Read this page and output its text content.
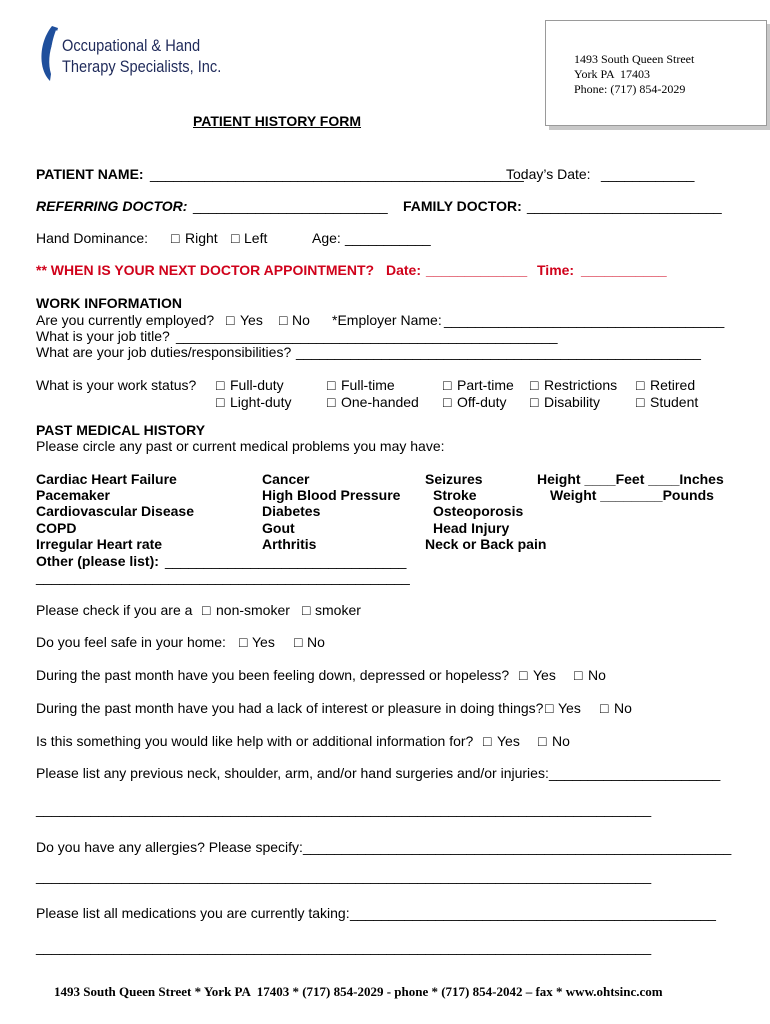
Occupational & Hand
Therapy Specialists, Inc.	1493 South Queen Street
York PA  17403
Phone: (717) 854-2029
PATIENT HISTORY FORM
PATIENT NAME: ________________________________________________
Today’s Date: ____________
REFERRING DOCTOR: _________________________ FAMILY DOCTOR: _________________________
Hand Dominance: □ Right □ Left	Age: ___________
** WHEN IS YOUR NEXT DOCTOR APPOINTMENT? Date: _____________ Time: ___________
WORK INFORMATION
Are you currently employed? □ Yes □ No *Employer Name: ____________________________________
What is your job title? _________________________________________________
What are your job duties/responsibilities? ____________________________________________________
What is your work status? □ Full-duty
□ Light-duty
□ Full-time
□ One-handed
□ Part-time
□ Off-duty
□ Restrictions
□ Disability
□ Retired
□ Student
PAST MEDICAL HISTORY
Please circle any past or current medical problems you may have:
Cardiac Heart Failure
Pacemaker
Cardiovascular Disease
COPD
Irregular Heart rate
Cancer
High Blood Pressure
Diabetes
Gout
Arthritis
Seizures
Stroke
Osteoporosis
Head Injury
Neck or Back pain
Height ____Feet ____Inches
Weight ________Pounds
Other (please list): _______________________________
________________________________________________
Please check if you are a □ non-smoker □ smoker
Do you feel safe in your home: □ Yes □ No
During the past month have you been feeling down, depressed or hopeless? □ Yes □ No
During the past month have you had a lack of interest or pleasure in doing things? □ Yes □ No
Is this something you would like help with or additional information for? □ Yes □ No
Please list any previous neck, shoulder, arm, and/or hand surgeries and/or injuries: ______________________
_______________________________________________________________________________
Do you have any allergies? Please specify: _______________________________________________________
_______________________________________________________________________________
Please list all medications you are currently taking: _______________________________________________
_______________________________________________________________________________
1493 South Queen Street * York PA  17403 * (717) 854-2029 - phone * (717) 854-2042 – fax * www.ohtsinc.com
